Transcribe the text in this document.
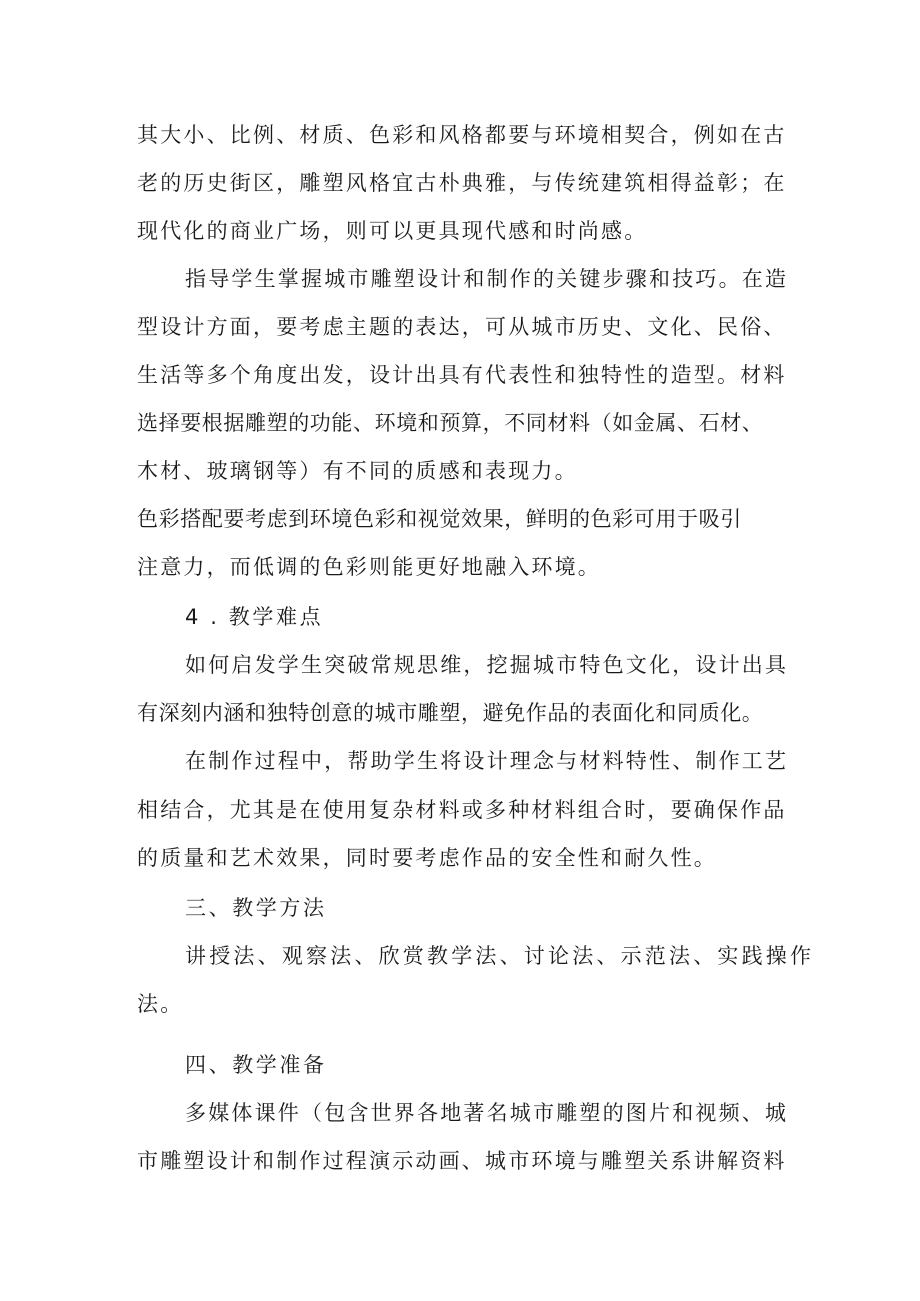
其大小、比例、材质、色彩和风格都要与环境相契合，例如在古
老的历史街区，雕塑风格宜古朴典雅，与传统建筑相得益彰；在
现代化的商业广场，则可以更具现代感和时尚感。
指导学生掌握城市雕塑设计和制作的关键步骤和技巧。在造
型设计方面，要考虑主题的表达，可从城市历史、文化、民俗、
生活等多个角度出发，设计出具有代表性和独特性的造型。材料
选择要根据雕塑的功能、环境和预算，不同材料（如金属、石材、
木材、玻璃钢等）有不同的质感和表现力。
色彩搭配要考虑到环境色彩和视觉效果，鲜明的色彩可用于吸引
注意力，而低调的色彩则能更好地融入环境。
4 . 教学难点
如何启发学生突破常规思维，挖掘城市特色文化，设计出具
有深刻内涵和独特创意的城市雕塑，避免作品的表面化和同质化。
在制作过程中，帮助学生将设计理念与材料特性、制作工艺
相结合，尤其是在使用复杂材料或多种材料组合时，要确保作品
的质量和艺术效果，同时要考虑作品的安全性和耐久性。
三、教学方法
讲授法、观察法、欣赏教学法、讨论法、示范法、实践操作
法。
四、教学准备
多媒体课件（包含世界各地著名城市雕塑的图片和视频、城
市雕塑设计和制作过程演示动画、城市环境与雕塑关系讲解资料
